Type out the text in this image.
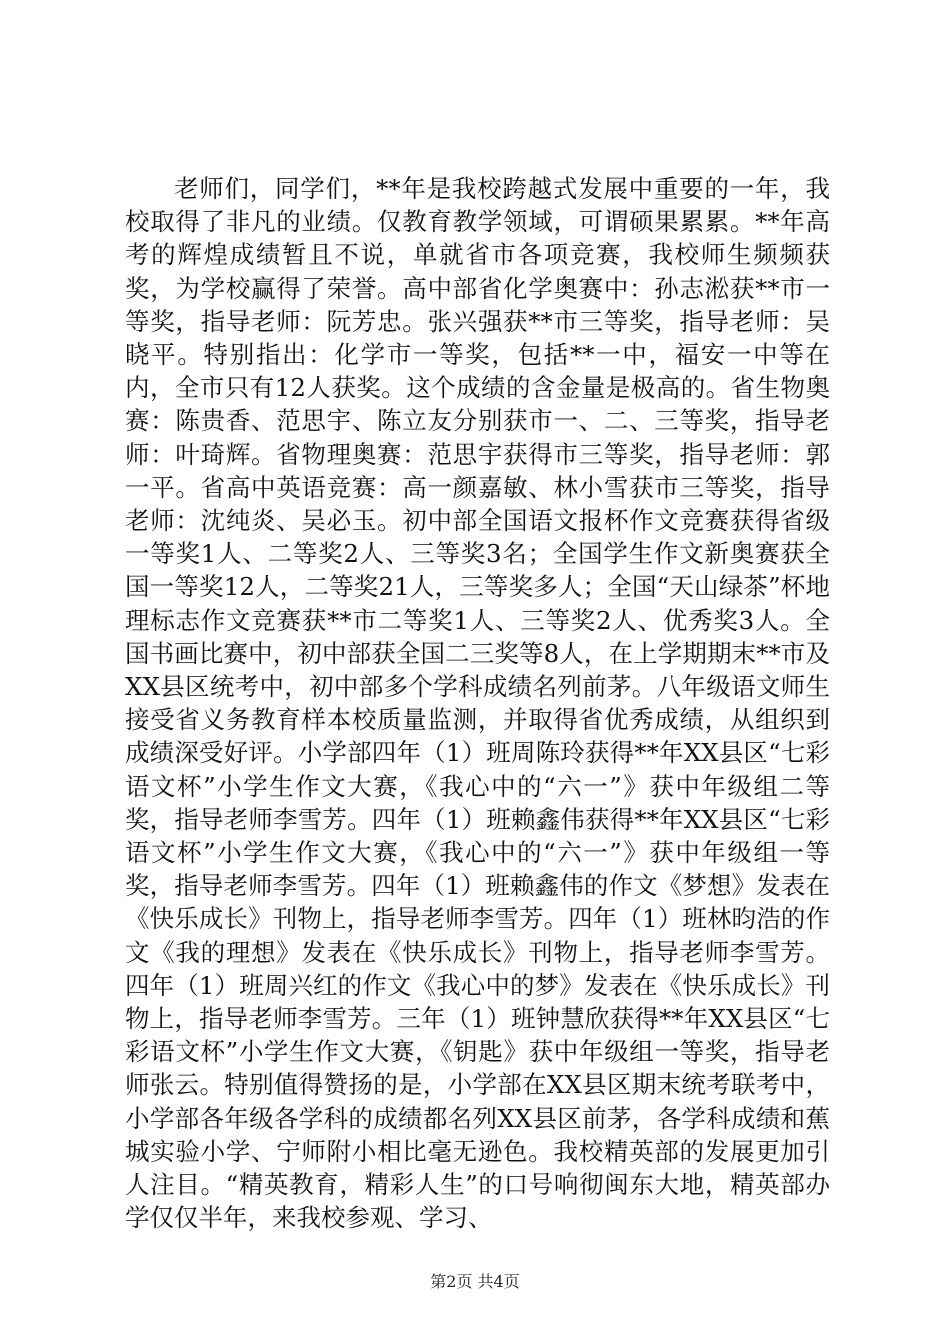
老师们，同学们，**年是我校跨越式发展中重要的一年，我校取得了非凡的业绩。仅教育教学领域，可谓硕果累累。**年高考的辉煌成绩暂且不说，单就省市各项竞赛，我校师生频频获奖，为学校赢得了荣誉。高中部省化学奥赛中：孙志淞获**市一等奖，指导老师：阮芳忠。张兴强获**市三等奖，指导老师：吴晓平。特别指出：化学市一等奖，包括**一中，福安一中等在内，全市只有12人获奖。这个成绩的含金量是极高的。省生物奥赛：陈贵香、范思宇、陈立友分别获市一、二、三等奖，指导老师：叶琦辉。省物理奥赛：范思宇获得市三等奖，指导老师：郭一平。省高中英语竞赛：高一颜嘉敏、林小雪获市三等奖，指导老师：沈纯炎、吴必玉。初中部全国语文报杯作文竞赛获得省级一等奖1人、二等奖2人、三等奖3名；全国学生作文新奥赛获全国一等奖12人，二等奖21人，三等奖多人；全国“天山绿茶”杯地理标志作文竞赛获**市二等奖1人、三等奖2人、优秀奖3人。全国书画比赛中，初中部获全国二三奖等8人，在上学期期末**市及XX县区统考中，初中部多个学科成绩名列前茅。八年级语文师生接受省义务教育样本校质量监测，并取得省优秀成绩，从组织到成绩深受好评。小学部四年（1）班周陈玲获得**年XX县区“七彩语文杯”小学生作文大赛，《我心中的“六一”》获中年级组二等奖，指导老师李雪芳。四年（1）班赖鑫伟获得**年XX县区“七彩语文杯”小学生作文大赛，《我心中的“六一”》获中年级组一等奖，指导老师李雪芳。四年（1）班赖鑫伟的作文《梦想》发表在《快乐成长》刊物上，指导老师李雪芳。四年（1）班林昀浩的作文《我的理想》发表在《快乐成长》刊物上，指导老师李雪芳。四年（1）班周兴红的作文《我心中的梦》发表在《快乐成长》刊物上，指导老师李雪芳。三年（1）班钟慧欣获得**年XX县区“七彩语文杯”小学生作文大赛，《钥匙》获中年级组一等奖，指导老师张云。特别值得赞扬的是，小学部在XX县区期末统考联考中，小学部各年级各学科的成绩都名列XX县区前茅，各学科成绩和蕉城实验小学、宁师附小相比毫无逊色。我校精英部的发展更加引人注目。“精英教育，精彩人生”的口号响彻闽东大地，精英部办学仅仅半年，来我校参观、学习、

第2页 共4页
